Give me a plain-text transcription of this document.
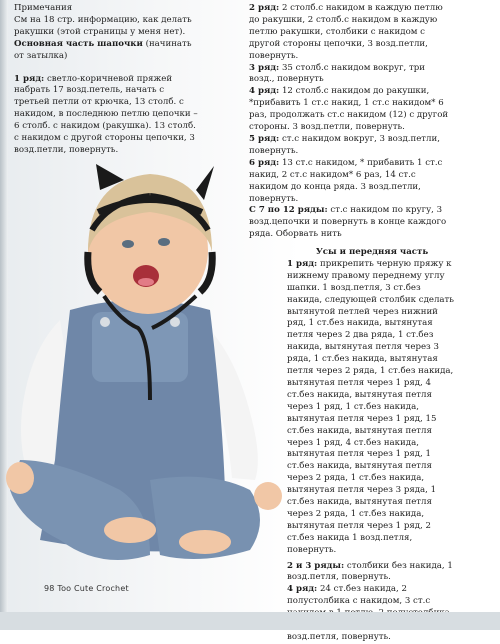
Примечания

См на 18 стр. информацию, как делать ракушки (этой страницы у меня нет).

Основная часть шапочки (начинать от затылка)

1 ряд: светло-коричневой пряжей набрать 17 возд.петель, начать с третьей петли от крючка, 13 столб. с накидом, в последнюю петлю цепочки – 6 столб. с накидом (ракушка). 13 столб. с накидом с другой стороны цепочки, 3 возд.петли, повернуть.

2 ряд: 2 столб.с накидом в каждую петлю до ракушки, 2 столб.с накидом в каждую петлю ракушки, столбики с накидом с другой стороны цепочки, 3 возд.петли, повернуть.

3 ряд: 35 столб.с накидом вокруг, три возд., повернуть

4 ряд: 12 столб.с накидом до ракушки, *прибавить 1 ст.с накид, 1 ст.с накидом* 6 раз, продолжать ст.с накидом (12) с другой стороны. 3 возд.петли, повернуть.

5 ряд: ст.с накидом вокруг, 3 возд.петли, повернуть.

6 ряд: 13 ст.с накидом, * прибавить 1 ст.с накид, 2 ст.с накидом* 6 раз, 14 ст.с накидом до конца ряда. 3 возд.петли, повернуть.

С 7 по 12 ряды: ст.с накидом по кругу, 3 возд.цепочки и повернуть в конце каждого ряда. Оборвать нить

Усы и передняя часть

1 ряд: прикрепить черную пряжу к нижнему правому переднему углу шапки. 1 возд.петля, 3 ст.без накида, следующей столбик сделать вытянутой петлей через нижний ряд, 1 ст.без накида, вытянутая петля через 2 два ряда, 1 ст.без накида, вытянутая петля через 3 ряда, 1 ст.без накида, вытянутая петля через 2 ряда, 1 ст.без накида, вытянутая петля через 1 ряд, 4 ст.без накида, вытянутая петля через 1 ряд, 1 ст.без накида, вытянутая петля через 1 ряд, 15 ст.без накида, вытянутая петля через 1 ряд, 4 ст.без накида, вытянутая петля через 1 ряд, 1 ст.без накида, вытянутая петля через 2 ряда, 1 ст.без накида, вытянутая петля через 3 ряда, 1 ст.без накида, вытянутая петля через 2 ряда, 1 ст.без накида, вытянутая петля через 1 ряд, 2 ст.без накида 1 возд.петля, повернуть.

2 и 3 ряды: столбики без накида, 1 возд.петля, повернуть.

4 ряд: 24 ст.без накида, 2 полустолбика с накидом, 3 ст.с возд.петля, повернуть.

98 Too Cute Crochet
